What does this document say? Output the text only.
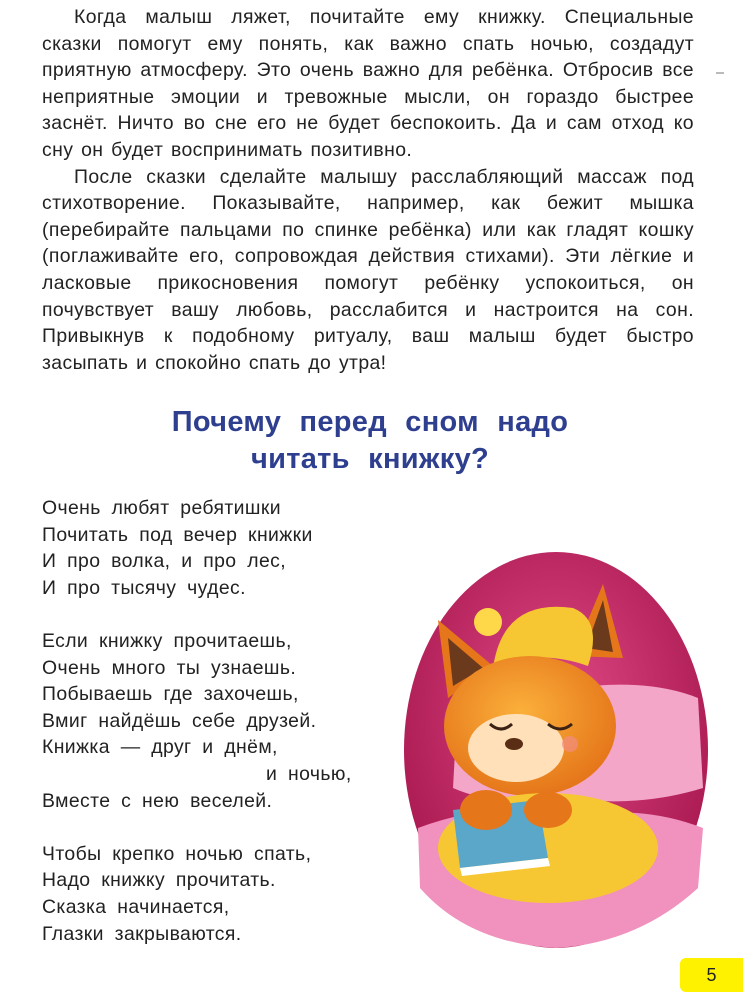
Когда малыш ляжет, почитайте ему книжку. Специальные сказки помогут ему понять, как важно спать ночью, создадут приятную атмосферу. Это очень важно для ребёнка. Отбросив все неприятные эмоции и тревожные мысли, он гораздо быстрее заснёт. Ничто во сне его не будет беспокоить. Да и сам отход ко сну он будет воспринимать позитивно.

После сказки сделайте малышу расслабляющий массаж под стихотворение. Показывайте, например, как бежит мышка (перебирайте пальцами по спинке ребёнка) или как гладят кошку (поглаживайте его, сопровождая действия стихами). Эти лёгкие и ласковые прикосновения помогут ребёнку успокоиться, он почувствует вашу любовь, расслабится и настроится на сон. Привыкнув к подобному ритуалу, ваш малыш будет быстро засыпать и спокойно спать до утра!

Почему перед сном надо
читать книжку?
Очень любят ребятишки
Почитать под вечер книжки
И про волка, и про лес,
И про тысячу чудес.
Если книжку прочитаешь,
Очень много ты узнаешь.
Побываешь где захочешь,
Вмиг найдёшь себе друзей.
Книжка — друг и днём,
и ночью,
Вместе с нею веселей.
Чтобы крепко ночью спать,
Надо книжку прочитать.
Сказка начинается,
Глазки закрываются.
5
